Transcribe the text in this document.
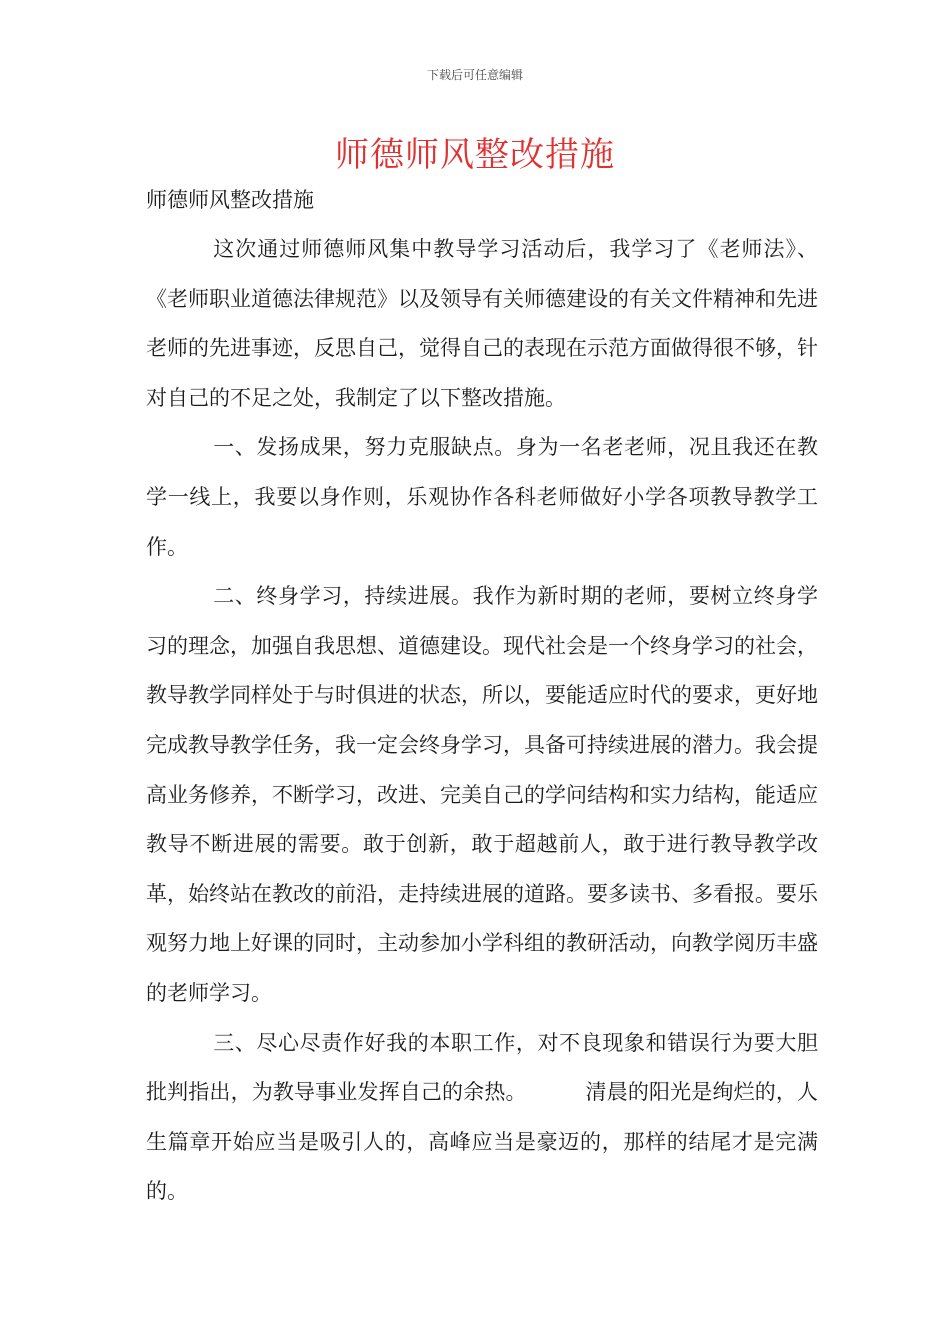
下载后可任意编辑
师德师风整改措施
师德师风整改措施

这次通过师德师风集中教导学习活动后，我学习了《老师法》、《老师职业道德法律规范》以及领导有关师德建设的有关文件精神和先进老师的先进事迹，反思自己，觉得自己的表现在示范方面做得很不够，针对自己的不足之处，我制定了以下整改措施。

一、发扬成果，努力克服缺点。身为一名老老师，况且我还在教学一线上，我要以身作则，乐观协作各科老师做好小学各项教导教学工作。

二、终身学习，持续进展。我作为新时期的老师，要树立终身学习的理念，加强自我思想、道德建设。现代社会是一个终身学习的社会，教导教学同样处于与时俱进的状态，所以，要能适应时代的要求，更好地完成教导教学任务，我一定会终身学习，具备可持续进展的潜力。我会提高业务修养，不断学习，改进、完美自己的学问结构和实力结构，能适应教导不断进展的需要。敢于创新，敢于超越前人，敢于进行教导教学改革，始终站在教改的前沿，走持续进展的道路。要多读书、多看报。要乐观努力地上好课的同时，主动参加小学科组的教研活动，向教学阅历丰盛的老师学习。

三、尽心尽责作好我的本职工作，对不良现象和错误行为要大胆批判指出，为教导事业发挥自己的余热。	清晨的阳光是绚烂的，人生篇章开始应当是吸引人的，高峰应当是豪迈的，那样的结尾才是完满的。
